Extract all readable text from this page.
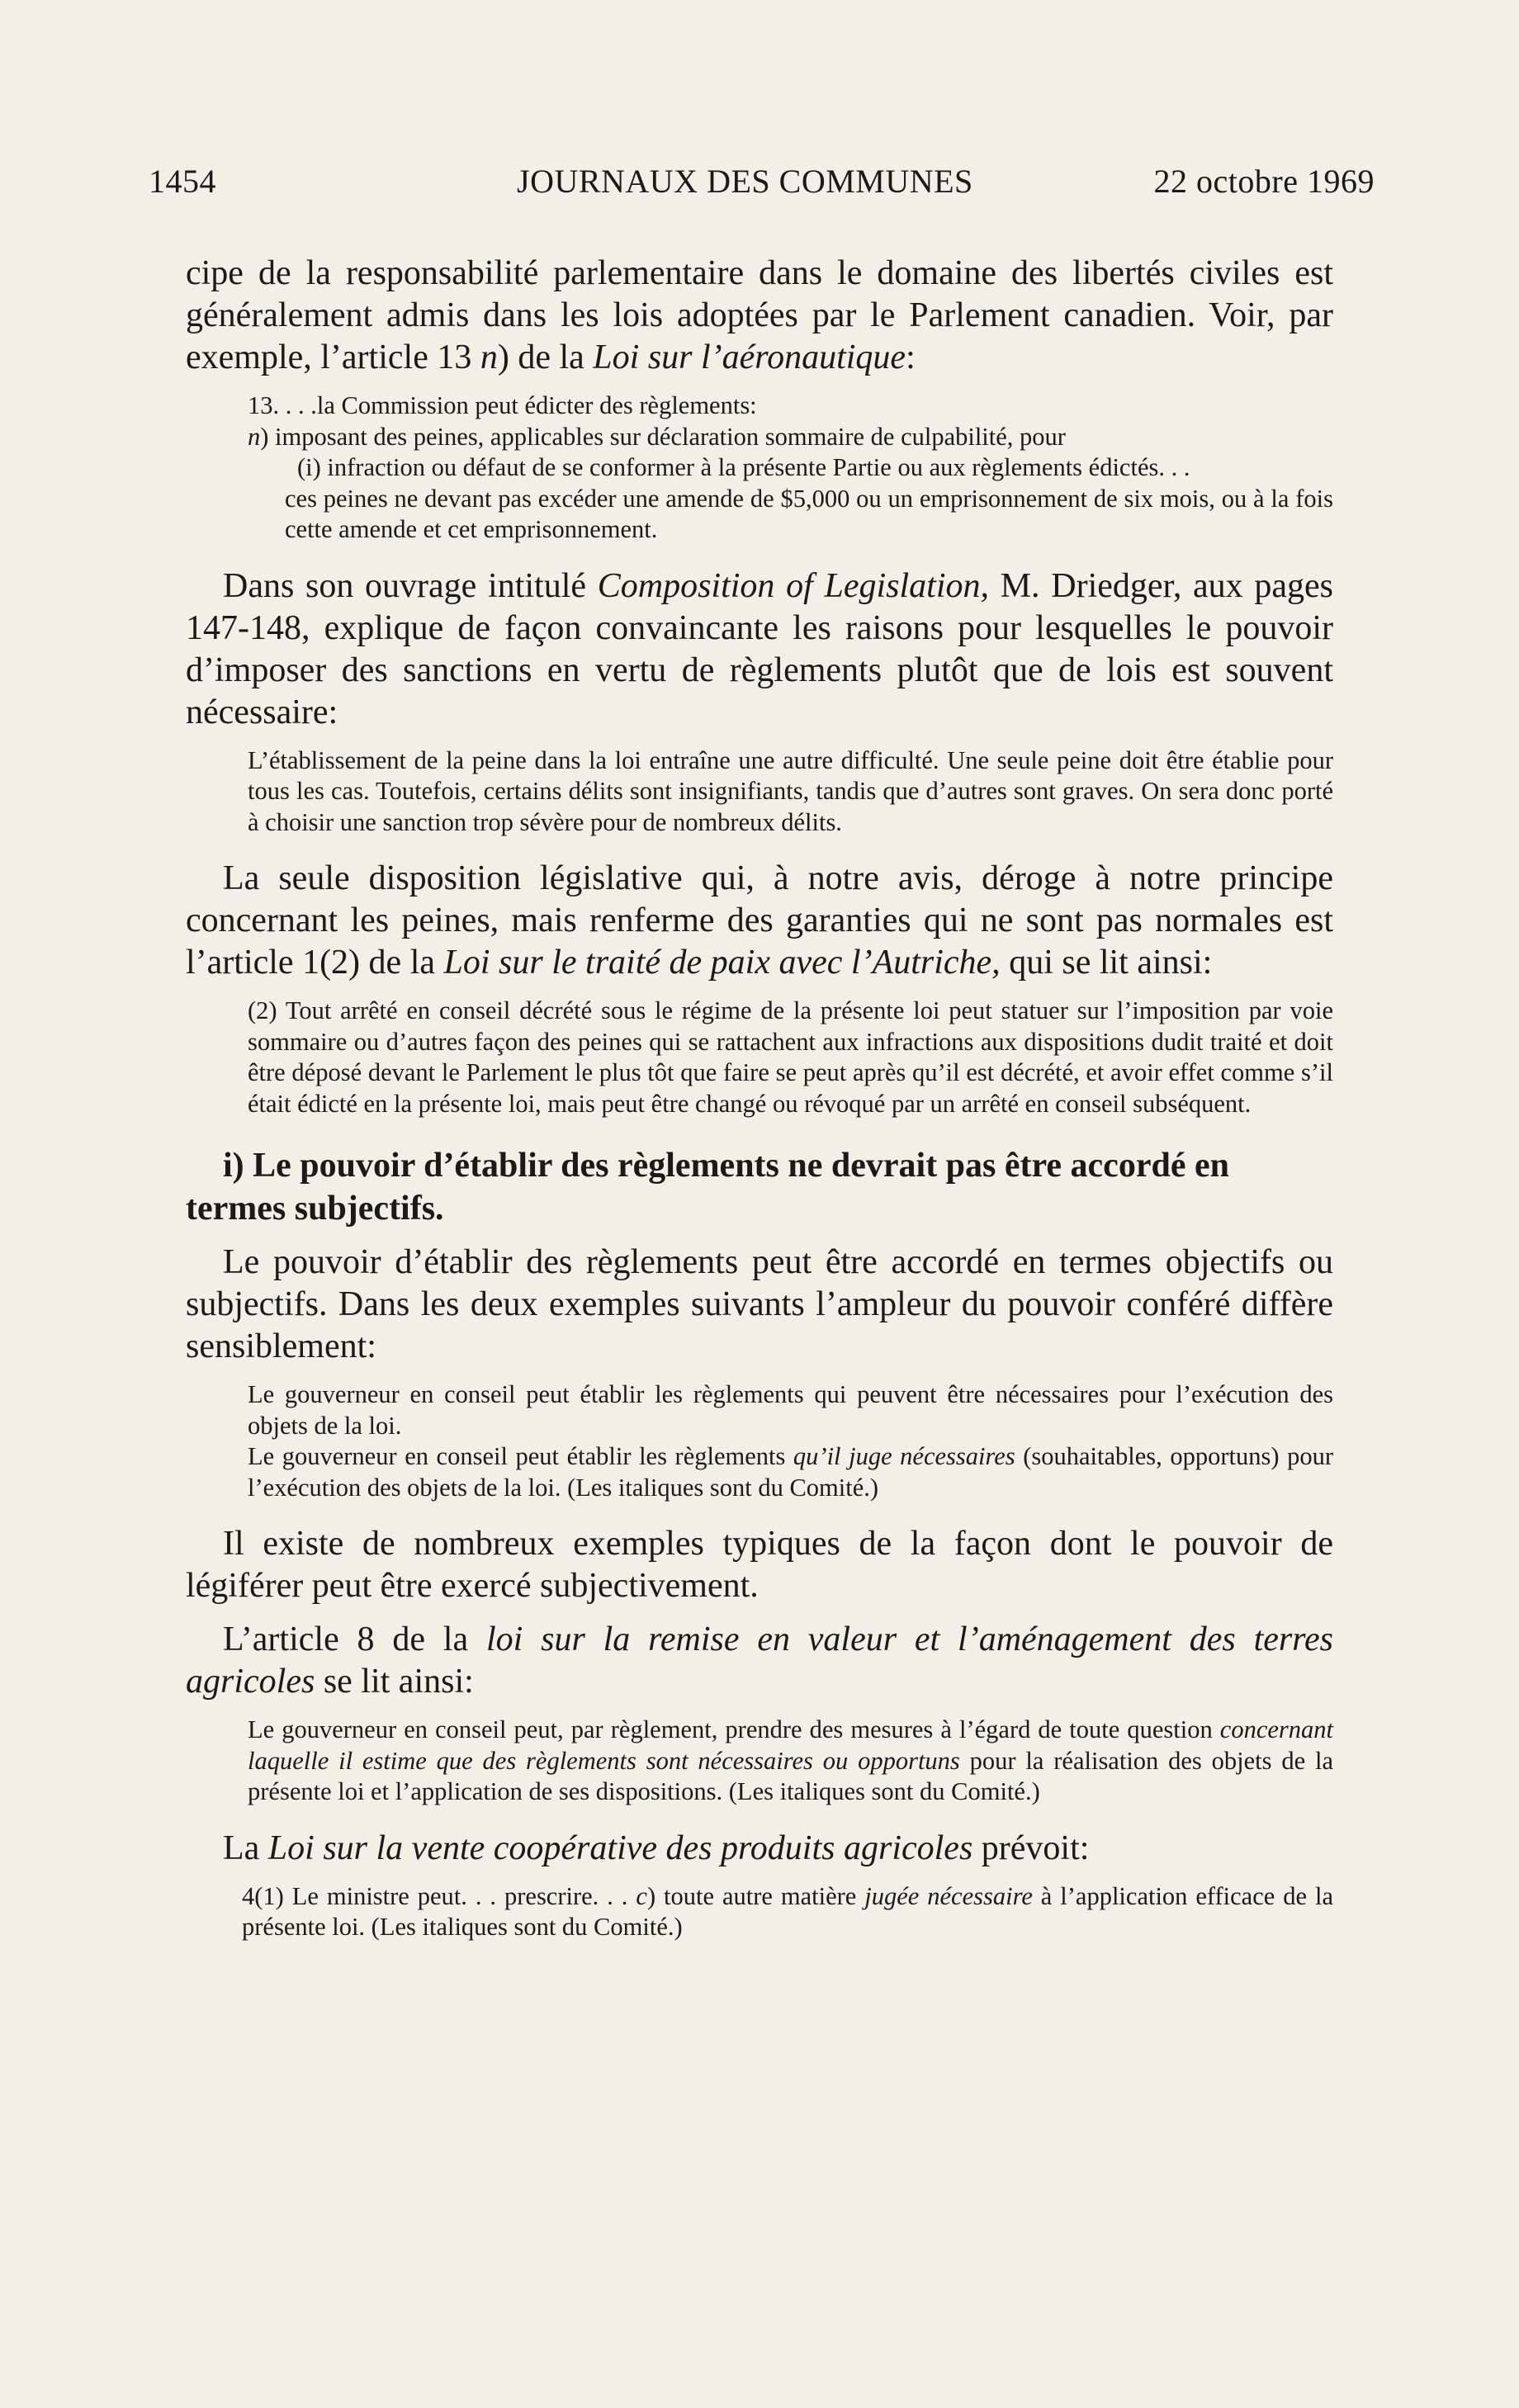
1454	JOURNAUX DES COMMUNES	22 octobre 1969

cipe de la responsabilité parlementaire dans le domaine des libertés civiles est généralement admis dans les lois adoptées par le Parlement canadien. Voir, par exemple, l’article 13 n) de la Loi sur l’aéronautique:

13. . . .la Commission peut édicter des règlements:

n) imposant des peines, applicables sur déclaration sommaire de culpabilité, pour

(i) infraction ou défaut de se conformer à la présente Partie ou aux règlements édictés. . .

ces peines ne devant pas excéder une amende de $5,000 ou un emprisonnement de six mois, ou à la fois cette amende et cet emprisonnement.

Dans son ouvrage intitulé Composition of Legislation, M. Driedger, aux pages 147-148, explique de façon convaincante les raisons pour lesquelles le pouvoir d’imposer des sanctions en vertu de règlements plutôt que de lois est souvent nécessaire:

L’établissement de la peine dans la loi entraîne une autre difficulté. Une seule peine doit être établie pour tous les cas. Toutefois, certains délits sont insignifiants, tandis que d’autres sont graves. On sera donc porté à choisir une sanction trop sévère pour de nombreux délits.

La seule disposition législative qui, à notre avis, déroge à notre principe concernant les peines, mais renferme des garanties qui ne sont pas normales est l’article 1(2) de la Loi sur le traité de paix avec l’Autriche, qui se lit ainsi:

(2) Tout arrêté en conseil décrété sous le régime de la présente loi peut statuer sur l’imposition par voie sommaire ou d’autres façon des peines qui se rattachent aux infractions aux dispositions dudit traité et doit être déposé devant le Parlement le plus tôt que faire se peut après qu’il est décrété, et avoir effet comme s’il était édicté en la présente loi, mais peut être changé ou révoqué par un arrêté en conseil subséquent.

i) Le pouvoir d’établir des règlements ne devrait pas être accordé en termes subjectifs.

Le pouvoir d’établir des règlements peut être accordé en termes objectifs ou subjectifs. Dans les deux exemples suivants l’ampleur du pouvoir conféré diffère sensiblement:

Le gouverneur en conseil peut établir les règlements qui peuvent être nécessaires pour l’exécution des objets de la loi.

Le gouverneur en conseil peut établir les règlements qu’il juge nécessaires (souhaitables, opportuns) pour l’exécution des objets de la loi. (Les italiques sont du Comité.)

Il existe de nombreux exemples typiques de la façon dont le pouvoir de légiférer peut être exercé subjectivement.

L’article 8 de la loi sur la remise en valeur et l’aménagement des terres agricoles se lit ainsi:

Le gouverneur en conseil peut, par règlement, prendre des mesures à l’égard de toute question concernant laquelle il estime que des règlements sont nécessaires ou opportuns pour la réalisation des objets de la présente loi et l’application de ses dispositions. (Les italiques sont du Comité.)

La Loi sur la vente coopérative des produits agricoles prévoit:

4(1) Le ministre peut. . . prescrire. . . c) toute autre matière jugée nécessaire à l’application efficace de la présente loi. (Les italiques sont du Comité.)
